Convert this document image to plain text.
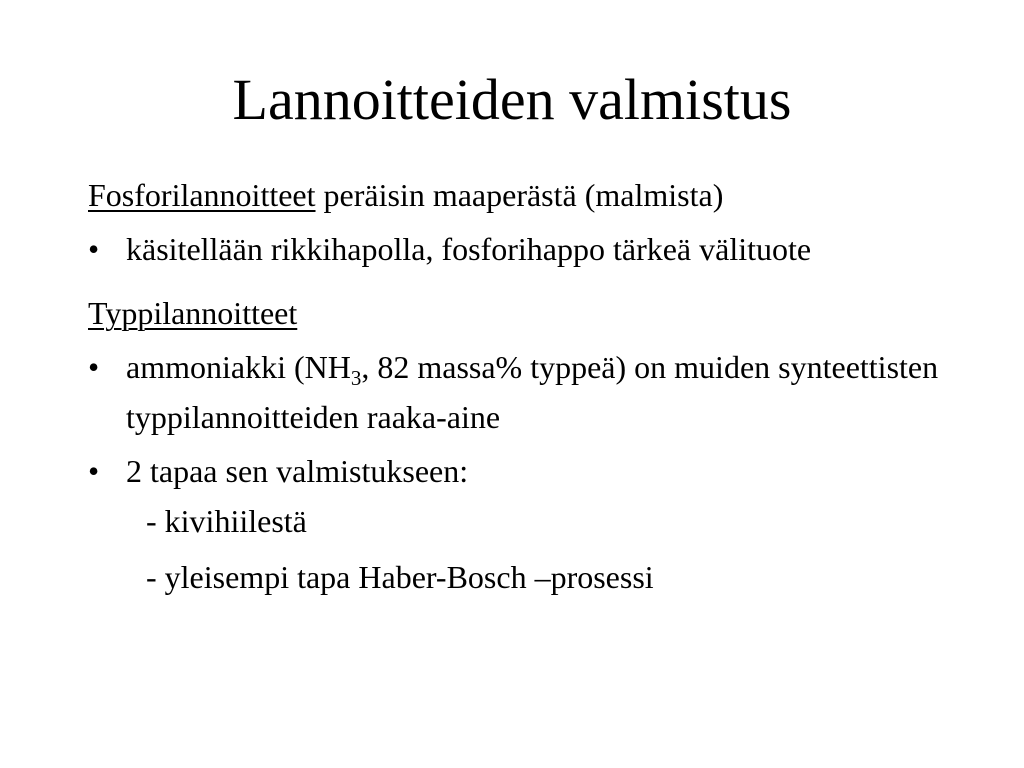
Lannoitteiden valmistus
Fosforilannoitteet peräisin maaperästä (malmista)
• käsitellään rikkihapolla, fosforihappo tärkeä välituote
Typpilannoitteet
• ammoniakki ($NH_3$, 82 massa% typpeä) on muiden synteettisten typpilannoitteiden raaka-aine
• 2 tapaa sen valmistukseen:
- kivihiilestä
- yleisempi tapa Haber-Bosch –prosessi
